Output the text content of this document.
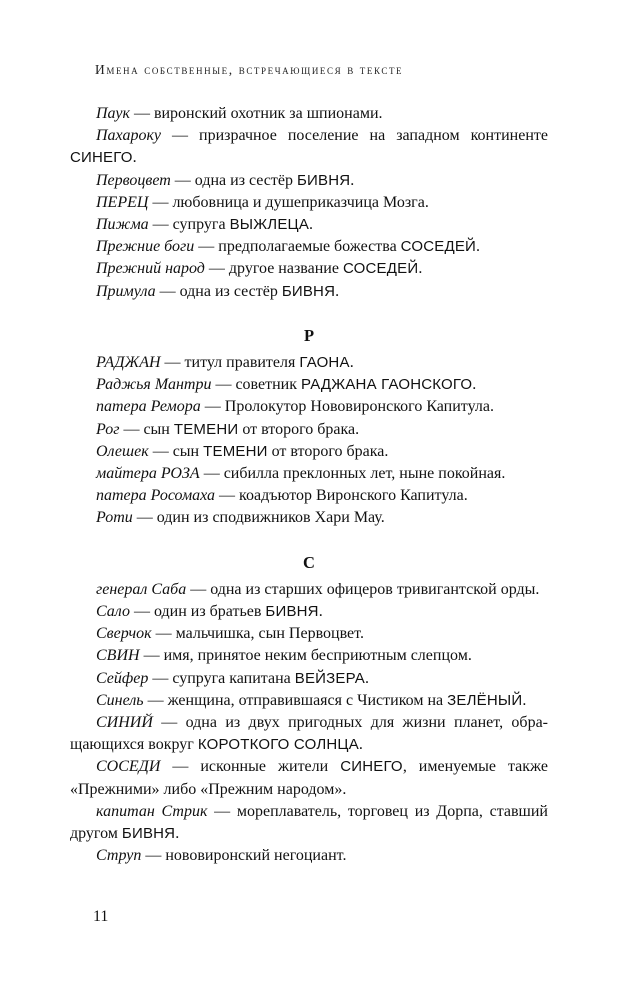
Имена собственные, встречающиеся в тексте

Паук — виронский охотник за шпионами.

Пахароку — призрачное поселение на западном континенте СИНЕГО.

Первоцвет — одна из сестёр БИВНЯ.

ПЕРЕЦ — любовница и душеприказчица Мозга.

Пижма — супруга ВЫЖЛЕЦА.

Прежние боги — предполагаемые божества СОСЕДЕЙ.

Прежний народ — другое название СОСЕДЕЙ.

Примула — одна из сестёр БИВНЯ.

Р

РАДЖАН — титул правителя ГАОНА.

Раджья Мантри — советник РАДЖАНА ГАОНСКОГО.

патера Ремора — Пролокутор Нововиронского Капитула.

Рог — сын ТЕМЕНИ от второго брака.

Олешек — сын ТЕМЕНИ от второго брака.

майтера РОЗА — сибилла преклонных лет, ныне покойная.

патера Росомаха — коадъютор Виронского Капитула.

Роти — один из сподвижников Хари Мау.

С

генерал Саба — одна из старших офицеров тривигантской орды.

Сало — один из братьев БИВНЯ.

Сверчок — мальчишка, сын Первоцвет.

СВИН — имя, принятое неким бесприютным слепцом.

Сейфер — супруга капитана ВЕЙЗЕРА.

Синель — женщина, отправившаяся с Чистиком на ЗЕЛЁНЫЙ.

СИНИЙ — одна из двух пригодных для жизни планет, обращающихся вокруг КОРОТКОГО СОЛНЦА.

СОСЕДИ — исконные жители СИНЕГО, именуемые также «Прежними» либо «Прежним народом».

капитан Стрик — мореплаватель, торговец из Дорпа, ставший другом БИВНЯ.

Струп — нововиронский негоциант.

11
